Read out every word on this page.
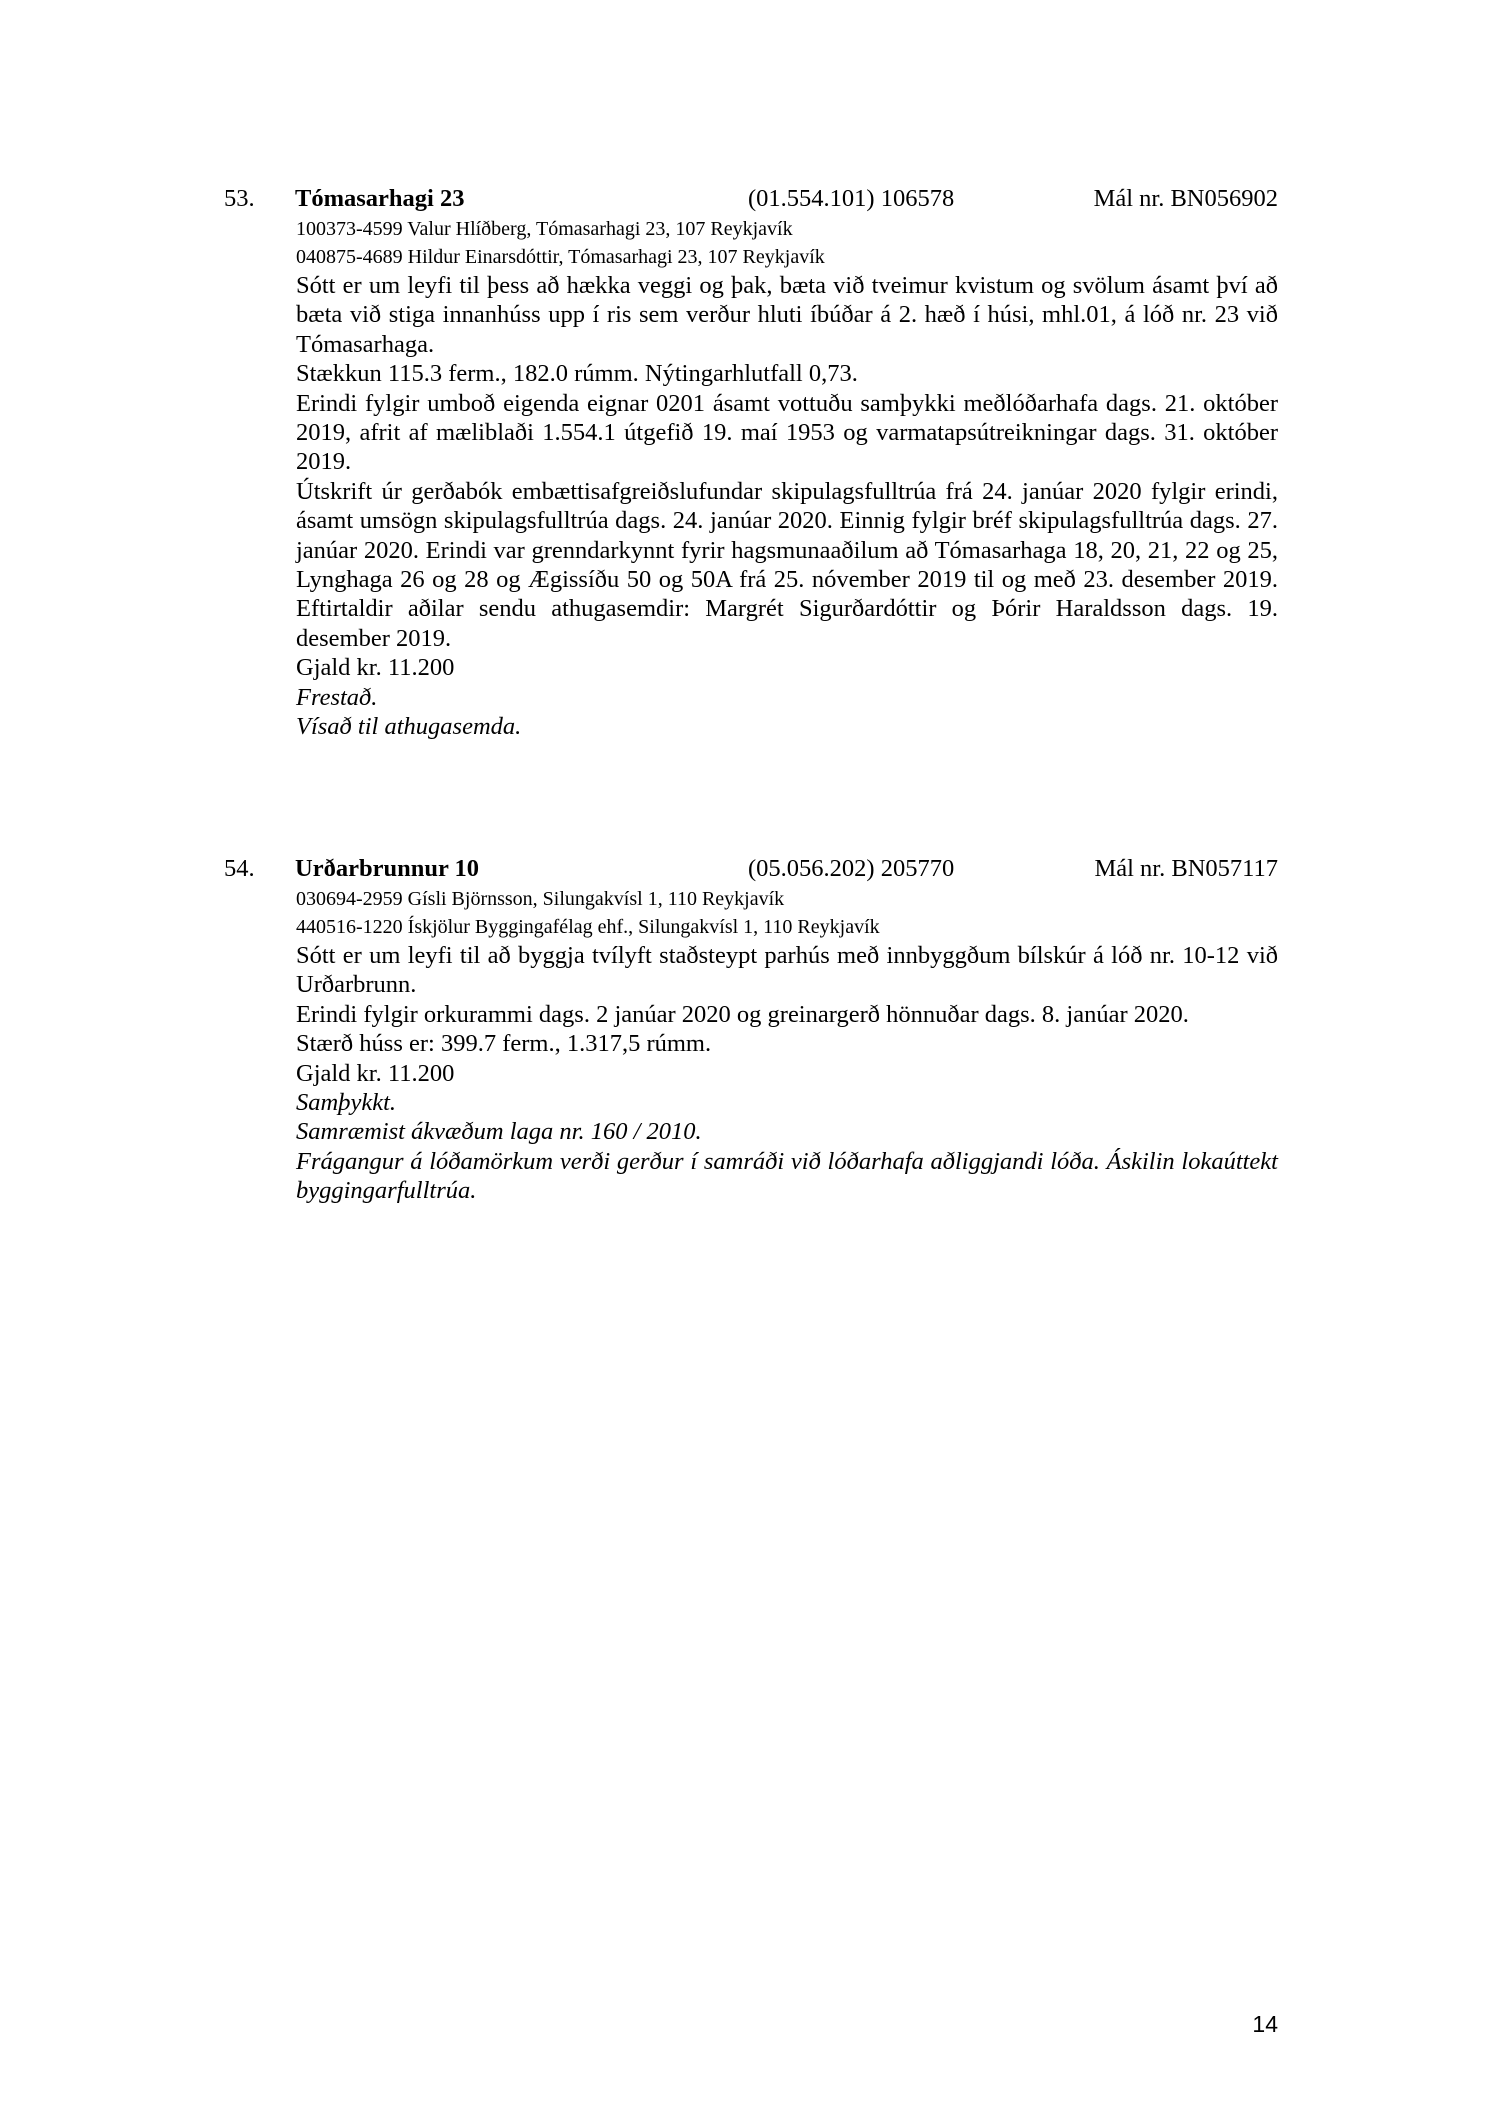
53. Tómasarhagi 23	(01.554.101) 106578	Mál nr. BN056902
100373-4599 Valur Hlíðberg, Tómasarhagi 23, 107 Reykjavík
040875-4689 Hildur Einarsdóttir, Tómasarhagi 23, 107 Reykjavík
Sótt er um leyfi til þess að hækka veggi og þak, bæta við tveimur kvistum og svölum ásamt því að bæta við stiga innanhúss upp í ris sem verður hluti íbúðar á 2. hæð í húsi, mhl.01, á lóð nr. 23 við Tómasarhaga.
Stækkun 115.3 ferm., 182.0 rúmm. Nýtingarhlutfall 0,73.
Erindi fylgir umboð eigenda eignar 0201 ásamt vottuðu samþykki meðlóðarhafa dags. 21. október 2019, afrit af mæliblaði 1.554.1 útgefið 19. maí 1953 og varmatapsútreikningar dags. 31. október 2019.
Útskrift úr gerðabók embættisafgreiðslufundar skipulagsfulltrúa frá 24. janúar 2020 fylgir erindi, ásamt umsögn skipulagsfulltrúa dags. 24. janúar 2020. Einnig fylgir bréf skipulagsfulltrúa dags. 27. janúar 2020. Erindi var grenndarkynnt fyrir hagsmunaaðilum að Tómasarhaga 18, 20, 21, 22 og 25, Lynghaga 26 og 28 og Ægissíðu 50 og 50A frá 25. nóvember 2019 til og með 23. desember 2019. Eftirtaldir aðilar sendu athugasemdir: Margrét Sigurðardóttir og Þórir Haraldsson dags. 19. desember 2019.
Gjald kr. 11.200
Frestað.
Vísað til athugasemda.
54. Urðarbrunnur 10	(05.056.202) 205770	Mál nr. BN057117
030694-2959 Gísli Björnsson, Silungakvísl 1, 110 Reykjavík
440516-1220 Ískjölur Byggingafélag ehf., Silungakvísl 1, 110 Reykjavík
Sótt er um leyfi til að byggja tvílyft staðsteypt parhús með innbyggðum bílskúr á lóð nr. 10-12 við Urðarbrunn.
Erindi fylgir orkurammi dags. 2 janúar 2020 og greinargerð hönnuðar dags. 8. janúar 2020.
Stærð húss er: 399.7 ferm., 1.317,5 rúmm.
Gjald kr. 11.200
Samþykkt.
Samræmist ákvæðum laga nr. 160 / 2010.
Frágangur á lóðamörkum verði gerður í samráði við lóðarhafa aðliggjandi lóða. Áskilin lokaúttekt byggingarfulltrúa.
14
